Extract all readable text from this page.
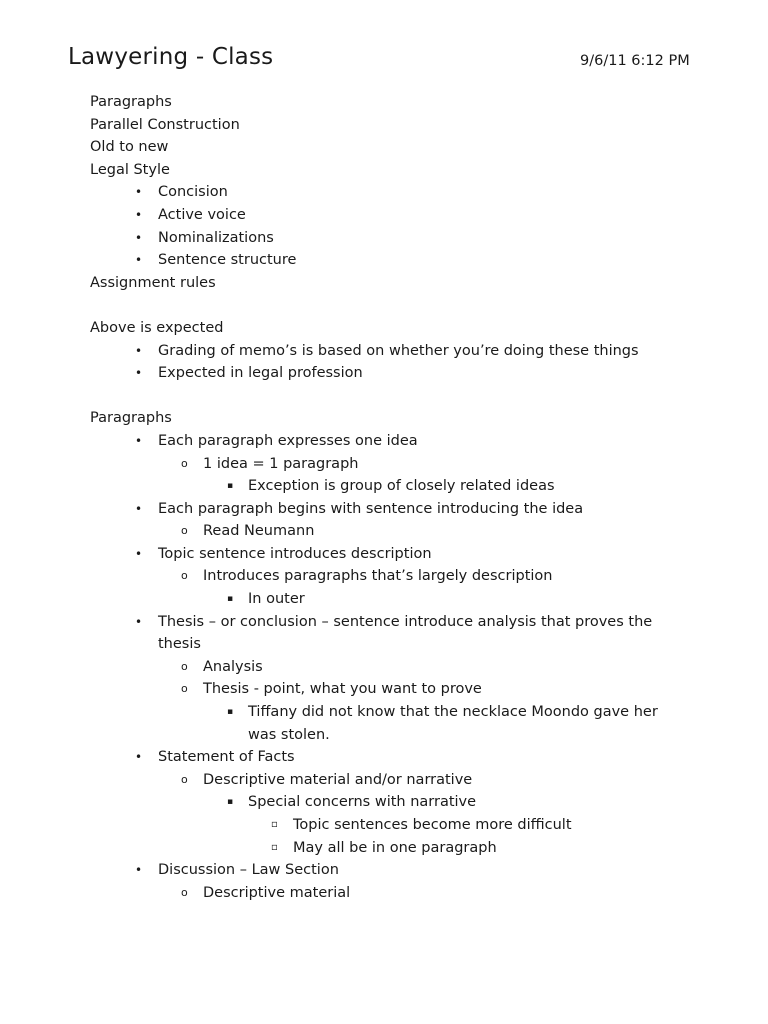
Lawyering - Class	9/6/11 6:12 PM
Paragraphs
Parallel Construction
Old to new
Legal Style
• Concision
• Active voice
• Nominalizations
• Sentence structure
Assignment rules
Above is expected
• Grading of memo’s is based on whether you’re doing these things
• Expected in legal profession
Paragraphs
• Each paragraph expresses one idea
o 1 idea = 1 paragraph
▪ Exception is group of closely related ideas
• Each paragraph begins with sentence introducing the idea
o Read Neumann
• Topic sentence introduces description
o Introduces paragraphs that’s largely description
▪ In outer
• Thesis – or conclusion – sentence introduce analysis that proves the
thesis
o Analysis
o Thesis - point, what you want to prove
▪ Tiffany did not know that the necklace Moondo gave her
was stolen.
• Statement of Facts
o Descriptive material and/or narrative
▪ Special concerns with narrative
▫ Topic sentences become more difficult
▫ May all be in one paragraph
• Discussion – Law Section
o Descriptive material
